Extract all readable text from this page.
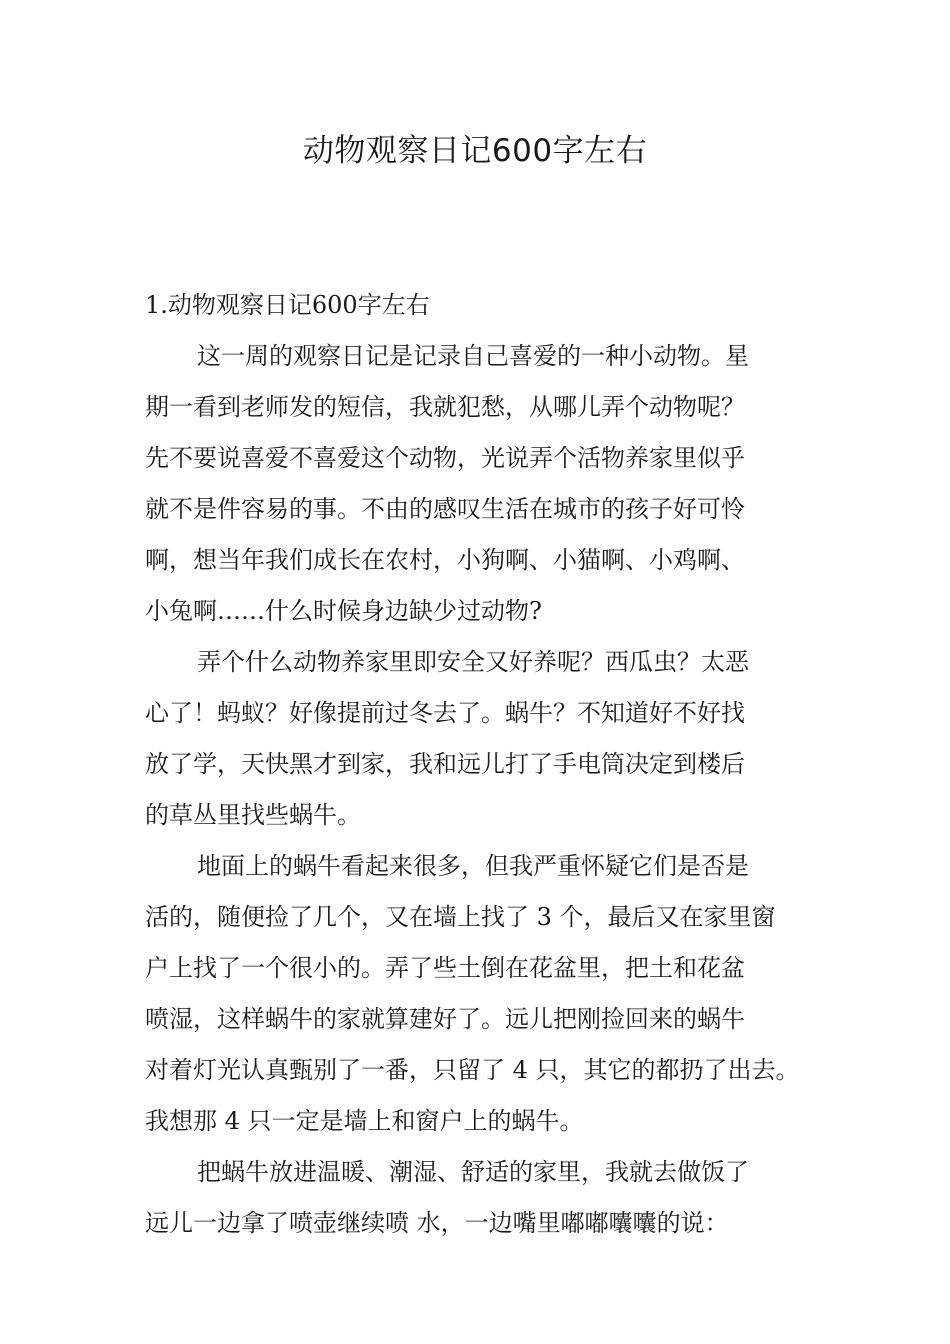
动物观察日记600字左右
1.动物观察日记600字左右
这一周的观察日记是记录自己喜爱的一种小动物。星
期一看到老师发的短信，我就犯愁，从哪儿弄个动物呢？
先不要说喜爱不喜爱这个动物，光说弄个活物养家里似乎
就不是件容易的事。不由的感叹生活在城市的孩子好可怜
啊，想当年我们成长在农村，小狗啊、小猫啊、小鸡啊、
小兔啊……什么时候身边缺少过动物?
弄个什么动物养家里即安全又好养呢？西瓜虫？太恶
心了！蚂蚁？好像提前过冬去了。蜗牛？不知道好不好找
放了学，天快黑才到家，我和远儿打了手电筒决定到楼后
的草丛里找些蜗牛。
地面上的蜗牛看起来很多，但我严重怀疑它们是否是
活的，随便捡了几个，又在墙上找了 3 个，最后又在家里窗
户上找了一个很小的。弄了些土倒在花盆里，把土和花盆
喷湿，这样蜗牛的家就算建好了。远儿把刚捡回来的蜗牛
对着灯光认真甄别了一番，只留了 4 只，其它的都扔了出去。
我想那 4 只一定是墙上和窗户上的蜗牛。
把蜗牛放进温暖、潮湿、舒适的家里，我就去做饭了
远儿一边拿了喷壶继续喷 水，一边嘴里嘟嘟囔囔的说：
